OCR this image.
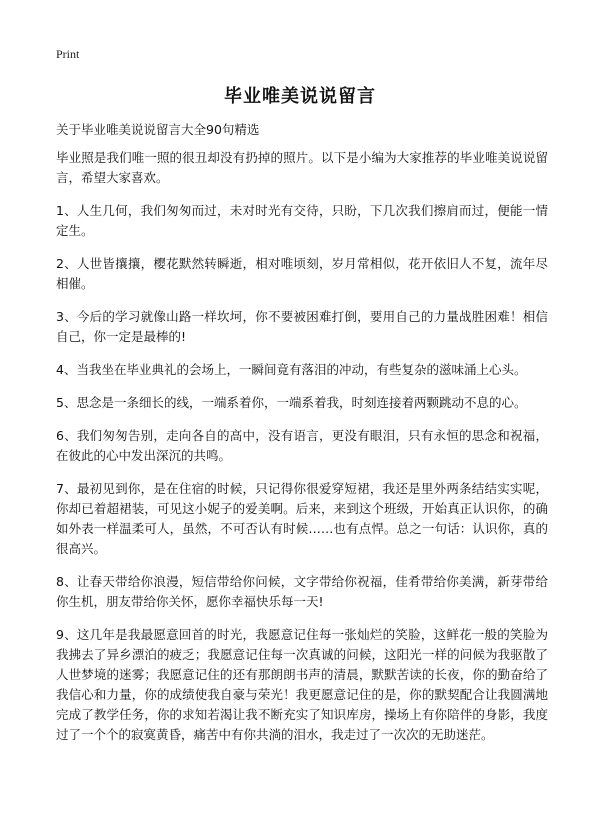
Print
毕业唯美说说留言

关于毕业唯美说说留言大全90句精选

毕业照是我们唯一照的很丑却没有扔掉的照片。以下是小编为大家推荐的毕业唯美说说留言，希望大家喜欢。

1、人生几何，我们匆匆而过，未对时光有交待，只盼，下几次我们擦肩而过，便能一情定生。

2、人世皆攘攘，樱花默然转瞬逝，相对唯顷刻，岁月常相似，花开依旧人不复，流年尽相催。

3、今后的学习就像山路一样坎坷，你不要被困难打倒，要用自己的力量战胜困难！相信自己，你一定是最棒的!

4、当我坐在毕业典礼的会场上，一瞬间竟有落泪的冲动，有些复杂的滋味涌上心头。

5、思念是一条细长的线，一端系着你，一端系着我，时刻连接着两颗跳动不息的心。

6、我们匆匆告别，走向各自的高中，没有语言，更没有眼泪，只有永恒的思念和祝福，在彼此的心中发出深沉的共鸣。

7、最初见到你，是在住宿的时候，只记得你很爱穿短裙，我还是里外两条结结实实呢，你却已着超裙装，可见这小妮子的爱美啊。后来，来到这个班级，开始真正认识你，的确如外表一样温柔可人，虽然，不可否认有时候……也有点悍。总之一句话：认识你，真的很高兴。

8、让春天带给你浪漫，短信带给你问候，文字带给你祝福，佳肴带给你美满，新芽带给你生机，朋友带给你关怀，愿你幸福快乐每一天!

9、这几年是我最愿意回首的时光，我愿意记住每一张灿烂的笑脸，这鲜花一般的笑脸为我拂去了异乡漂泊的疲乏；我愿意记住每一次真诚的问候，这阳光一样的问候为我驱散了人世梦境的迷雾；我愿意记住的还有那朗朗书声的清晨，默默苦读的长夜，你的勤奋给了我信心和力量，你的成绩使我自豪与荣光！我更愿意记住的是，你的默契配合让我圆满地完成了教学任务，你的求知若渴让我不断充实了知识库房，操场上有你陪伴的身影，我度过了一个个的寂寞黄昏，痛苦中有你共淌的泪水，我走过了一次次的无助迷茫。
